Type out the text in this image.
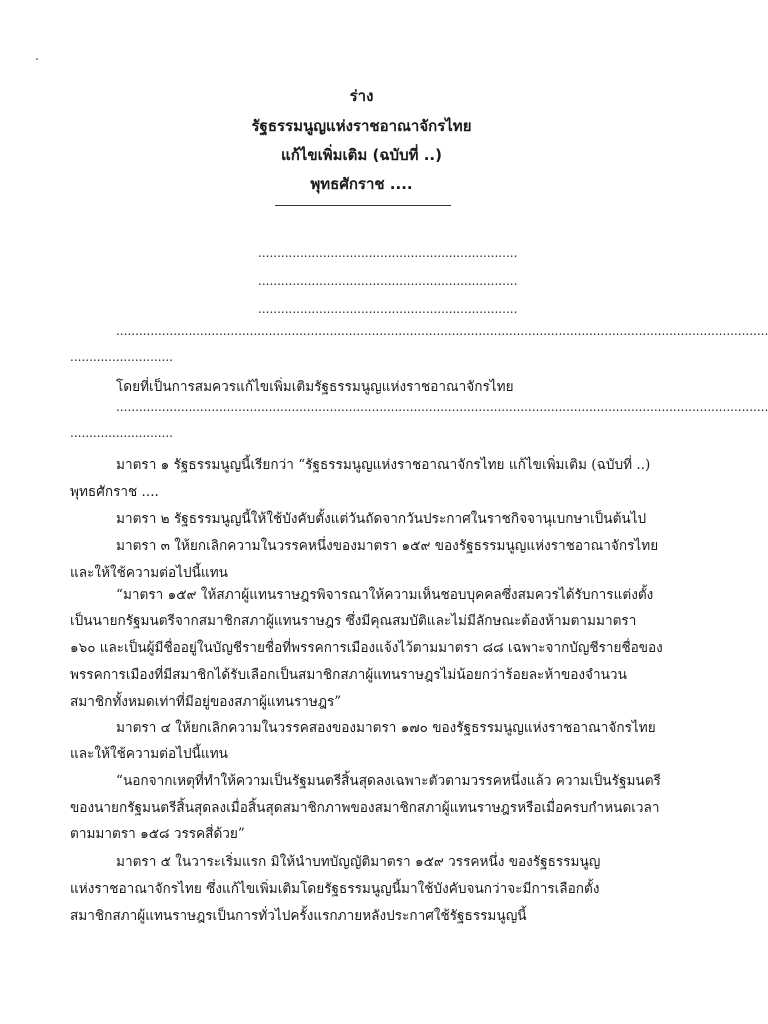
ร่าง
รัฐธรรมนูญแห่งราชอาณาจักรไทย
แก้ไขเพิ่มเติม (ฉบับที่ ..)
พุทธศักราช ....
....................................................................
....................................................................
....................................................................
...........................................................................................................................................................................
...........................
โดยที่เป็นการสมควรแก้ไขเพิ่มเติมรัฐธรรมนูญแห่งราชอาณาจักรไทย
...........................................................................................................................................................................
...........................
มาตรา ๑ รัฐธรรมนูญนี้เรียกว่า “รัฐธรรมนูญแห่งราชอาณาจักรไทย แก้ไขเพิ่มเติม (ฉบับที่ ..)
พุทธศักราช ....
มาตรา ๒ รัฐธรรมนูญนี้ให้ใช้บังคับตั้งแต่วันถัดจากวันประกาศในราชกิจจานุเบกษาเป็นต้นไป
มาตรา ๓ ให้ยกเลิกความในวรรคหนึ่งของมาตรา ๑๕๙ ของรัฐธรรมนูญแห่งราชอาณาจักรไทย
และให้ใช้ความต่อไปนี้แทน
“มาตรา ๑๕๙ ให้สภาผู้แทนราษฎรพิจารณาให้ความเห็นชอบบุคคลซึ่งสมควรได้รับการแต่งตั้ง
เป็นนายกรัฐมนตรีจากสมาชิกสภาผู้แทนราษฎร ซึ่งมีคุณสมบัติและไม่มีลักษณะต้องห้ามตามมาตรา
๑๖๐ และเป็นผู้มีชื่ออยู่ในบัญชีรายชื่อที่พรรคการเมืองแจ้งไว้ตามมาตรา ๘๘ เฉพาะจากบัญชีรายชื่อของ
พรรคการเมืองที่มีสมาชิกได้รับเลือกเป็นสมาชิกสภาผู้แทนราษฎรไม่น้อยกว่าร้อยละห้าของจำนวน
สมาชิกทั้งหมดเท่าที่มีอยู่ของสภาผู้แทนราษฎร”
มาตรา ๔ ให้ยกเลิกความในวรรคสองของมาตรา ๑๗๐ ของรัฐธรรมนูญแห่งราชอาณาจักรไทย
และให้ใช้ความต่อไปนี้แทน
“นอกจากเหตุที่ทำให้ความเป็นรัฐมนตรีสิ้นสุดลงเฉพาะตัวตามวรรคหนึ่งแล้ว ความเป็นรัฐมนตรี
ของนายกรัฐมนตรีสิ้นสุดลงเมื่อสิ้นสุดสมาชิกภาพของสมาชิกสภาผู้แทนราษฎรหรือเมื่อครบกำหนดเวลา
ตามมาตรา ๑๕๘ วรรคสี่ด้วย”
มาตรา ๕ ในวาระเริ่มแรก มิให้นำบทบัญญัติมาตรา ๑๕๙ วรรคหนึ่ง ของรัฐธรรมนูญ
แห่งราชอาณาจักรไทย ซึ่งแก้ไขเพิ่มเติมโดยรัฐธรรมนูญนี้มาใช้บังคับจนกว่าจะมีการเลือกตั้ง
สมาชิกสภาผู้แทนราษฎรเป็นการทั่วไปครั้งแรกภายหลังประกาศใช้รัฐธรรมนูญนี้
